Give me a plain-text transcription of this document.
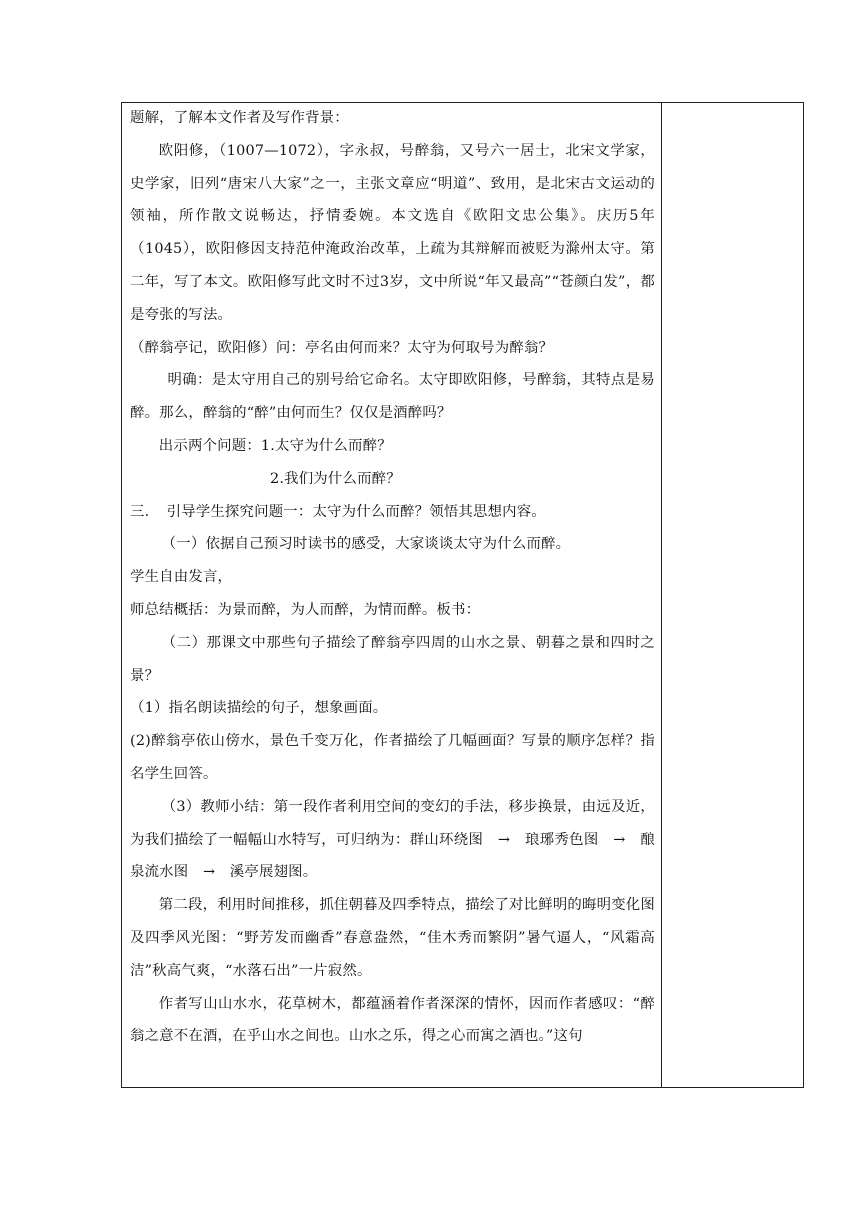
题解，了解本文作者及写作背景：

欧阳修，（1007—1072），字永叔，号醉翁，又号六一居士，北宋文学家，史学家，旧列“唐宋八大家”之一，主张文章应“明道”、致用，是北宋古文运动的领袖，所作散文说畅达，抒情委婉。本文选自《欧阳文忠公集》。庆历5年（1045），欧阳修因支持范仲淹政治改革，上疏为其辩解而被贬为滁州太守。第二年，写了本文。欧阳修写此文时不过3岁，文中所说“年又最高”“苍颜白发”，都是夸张的写法。

（醉翁亭记，欧阳修）问：亭名由何而来？太守为何取号为醉翁？

明确：是太守用自己的别号给它命名。太守即欧阳修，号醉翁，其特点是易醉。那么，醉翁的“醉”由何而生？仅仅是酒醉吗？

出示两个问题：1.太守为什么而醉？

2.我们为什么而醉？

三．　引导学生探究问题一：太守为什么而醉？领悟其思想内容。

（一）依据自己预习时读书的感受，大家谈谈太守为什么而醉。

学生自由发言，

师总结概括：为景而醉，为人而醉，为情而醉。板书：

（二）那课文中那些句子描绘了醉翁亭四周的山水之景、朝暮之景和四时之景？

（1）指名朗读描绘的句子，想象画面。

(2)醉翁亭依山傍水，景色千变万化，作者描绘了几幅画面？写景的顺序怎样？指名学生回答。

（3）教师小结：第一段作者利用空间的变幻的手法，移步换景，由远及近，为我们描绘了一幅幅山水特写，可归纳为：群山环绕图　→　琅琊秀色图　→　酿泉流水图　→　溪亭展翅图。

第二段，利用时间推移，抓住朝暮及四季特点，描绘了对比鲜明的晦明变化图及四季风光图：“野芳发而幽香”春意盎然，“佳木秀而繁阴”暑气逼人，“风霜高洁”秋高气爽，“水落石出”一片寂然。

作者写山山水水，花草树木，都蕴涵着作者深深的情怀，因而作者感叹：“醉翁之意不在酒，在乎山水之间也。山水之乐，得之心而寓之酒也。”这句
